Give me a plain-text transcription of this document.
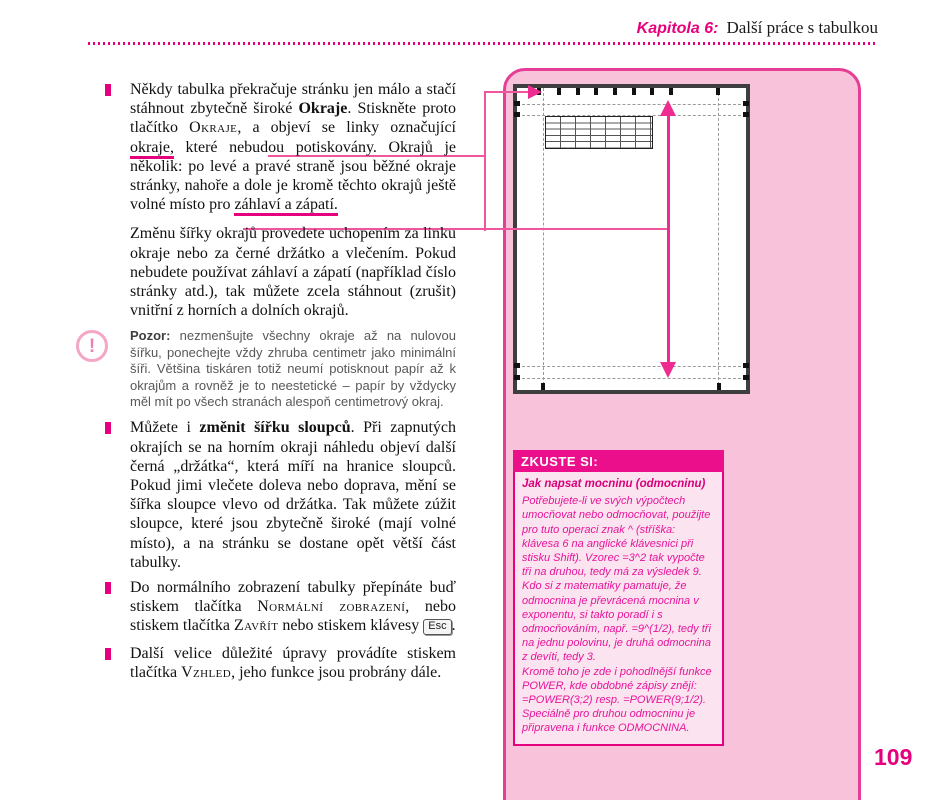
Kapitola 6: Další práce s tabulkou
ZKUSTE SI:
Jak napsat mocninu (odmocninu)

Potřebujete-li ve svých výpočtech umocňovat nebo odmocňovat, použijte pro tuto operaci znak ^ (stříška: klávesa 6 na anglické klávesnici při stisku Shift). Vzorec =3^2 tak vypočte tři na druhou, tedy má za výsledek 9.

Kdo si z matematiky pamatuje, že odmocnina je převrácená mocnina v exponentu, si takto poradí i s odmocňováním, např. =9^(1/2), tedy tři na jednu polovinu, je druhá odmocnina z devíti, tedy 3.

Kromě toho je zde i pohodlnější funkce POWER, kde obdobné zápisy znějí: =POWER(3;2) resp. =POWER(9;1/2). Speciálně pro druhou odmocninu je připravena i funkce ODMOCNINA.

Někdy tabulka překračuje stránku jen málo a stačí stáhnout zbytečně široké Okraje. Stiskněte proto tlačítko Okraje, a objeví se linky označující okraje, které nebudou potiskovány. Okrajů je několik: po levé a pravé straně jsou běžné okraje stránky, nahoře a dole je kromě těchto okrajů ještě volné místo pro záhlaví a zápatí.
Změnu šířky okrajů provedete uchopením za linku okraje nebo za černé držátko a vlečením. Pokud nebudete používat záhlaví a zápatí (například číslo stránky atd.), tak můžete zcela stáhnout (zrušit) vnitřní z horních a dolních okrajů.
!	Pozor: nezmenšujte všechny okraje až na nulovou šířku, ponechejte vždy zhruba centimetr jako minimální šíři. Většina tiskáren totiž neumí potisknout papír až k okrajům a rovněž je to neestetické – papír by vždycky měl mít po všech stranách alespoň centimetrový okraj.
Můžete i změnit šířku sloupců. Při zapnutých okrajích se na horním okraji náhledu objeví další černá „držátka“, která míří na hranice sloupců. Pokud jimi vlečete doleva nebo doprava, mění se šířka sloupce vlevo od držátka. Tak můžete zúžit sloupce, které jsou zbytečně široké (mají volné místo), a na stránku se dostane opět větší část tabulky.
Do normálního zobrazení tabulky přepínáte buď stiskem tlačítka Normální zobrazení, nebo stiskem tlačítka Zavřít nebo stiskem klávesy Esc .
Další velice důležité úpravy provádíte stiskem tlačítka Vzhled, jeho funkce jsou probrány dále.
109
